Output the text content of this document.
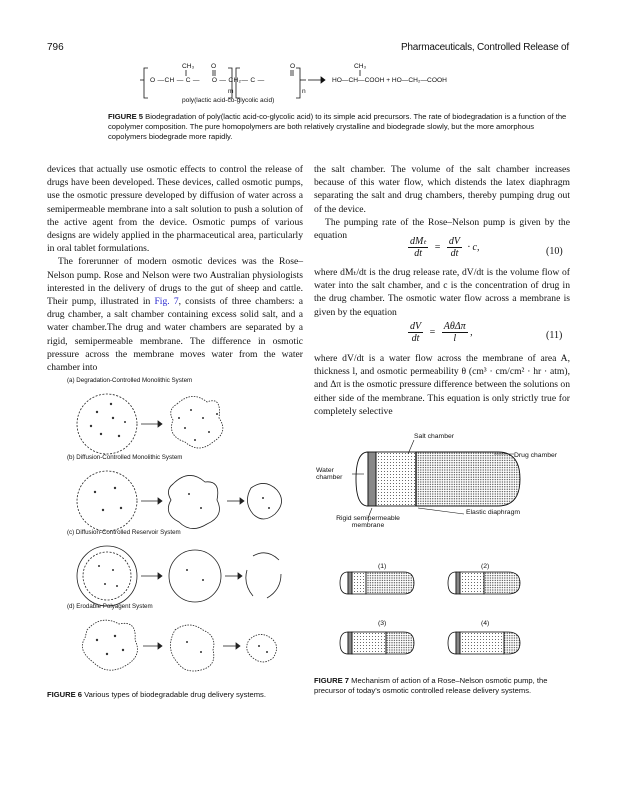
796	Pharmaceuticals, Controlled Release of
CH₃	O	O	CH₃
O —CH — C — O — CH₂— C —
m	n
HO—CH—COOH + HO—CH₂—COOH
poly(lactic acid-co-glycolic acid)
FIGURE 5 Biodegradation of poly(lactic acid-co-glycolic acid) to its simple acid precursors. The rate of biodegradation is a function of the copolymer composition. The pure homopolymers are both relatively crystalline and biodegrade slowly, but the more amorphous copolymers biodegrade more rapidly.

devices that actually use osmotic effects to control the release of drugs have been developed. These devices, called osmotic pumps, use the osmotic pressure developed by diffusion of water across a semipermeable membrane into a salt solution to push a solution of the active agent from the device. Osmotic pumps of various designs are widely applied in the pharmaceutical area, particularly in oral tablet formulations.

The forerunner of modern osmotic devices was the Rose–Nelson pump. Rose and Nelson were two Australian physiologists interested in the delivery of drugs to the gut of sheep and cattle. Their pump, illustrated in Fig. 7, consists of three chambers: a drug chamber, a salt chamber containing excess solid salt, and a water chamber.The drug and water chambers are separated by a rigid, semipermeable membrane. The difference in osmotic pressure across the membrane moves water from the water chamber into

the salt chamber. The volume of the salt chamber increases because of this water flow, which distends the latex diaphragm separating the salt and drug chambers, thereby pumping drug out of the device.

The pumping rate of the Rose–Nelson pump is given by the equation

$\frac{\text{dMₜ}}{dt} = \frac{dV}{dt} \cdot c$,	(10)

where dMₜ/dt is the drug release rate, dV/dt is the volume flow of water into the salt chamber, and c is the concentration of drug in the drug chamber. The osmotic water flow across a membrane is given by the equation

$\frac{dV}{dt} = \frac{\text{AθΔπ}}{l}$ ,	(11)

where dV/dt is a water flow across the membrane of area A, thickness l, and osmotic permeability θ (cm³ · cm/cm² · hr · atm), and Δπ is the osmotic pressure difference between the solutions on either side of the membrane. This equation is only strictly true for completely selective

(a) Degradation-Controlled Monolithic System
(b) Diffusion-Controlled Monolithic System
(c) Diffusion-Controlled Reservoir System
(d) Erodable Polyagent System
FIGURE 6 Various types of biodegradable drug delivery systems.
Salt chamber
Drug chamber
Water chamber
Elastic diaphragm
Rigid semipermeable membrane
(1)	(2)
(3)	(4)
FIGURE 7 Mechanism of action of a Rose–Nelson osmotic pump, the precursor of today's osmotic controlled release delivery systems.
